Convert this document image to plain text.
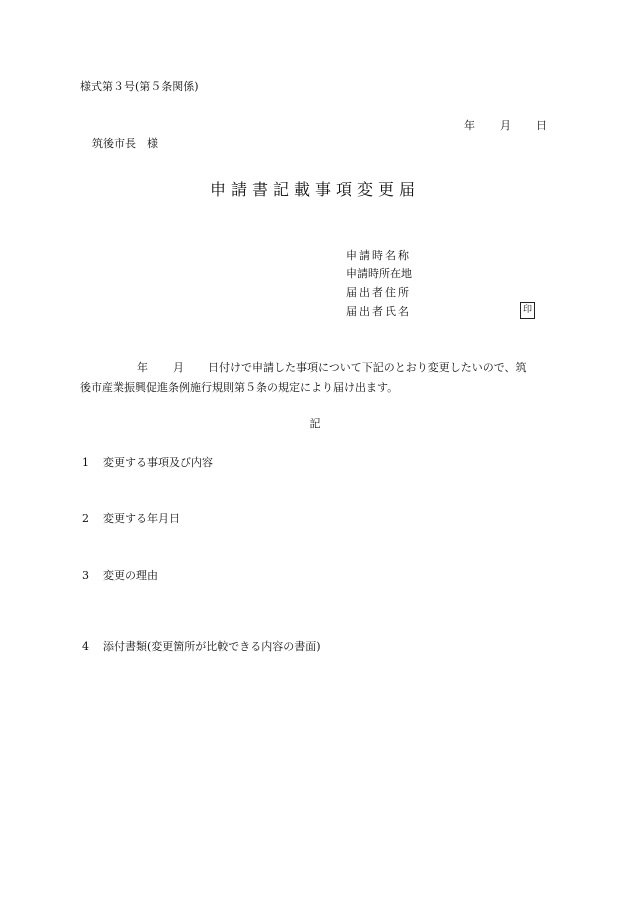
様式第３号(第５条関係)
年 月 日
筑後市長　様
申請書記載事項変更届
申請時名称
申請時所在地
届出者住所
届出者氏名	印
年 月 日付けで申請した事項について下記のとおり変更したいので、筑
後市産業振興促進条例施行規則第５条の規定により届け出ます。
記
1 変更する事項及び内容
2 変更する年月日
3 変更の理由
4 添付書類(変更箇所が比較できる内容の書面)
